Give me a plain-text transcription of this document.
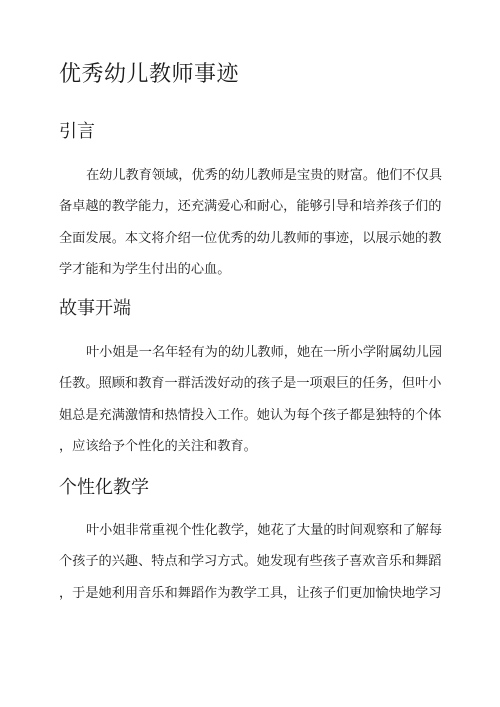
优秀幼儿教师事迹
引言

在幼儿教育领域，优秀的幼儿教师是宝贵的财富。他们不仅具
备卓越的教学能力，还充满爱心和耐心，能够引导和培养孩子们的
全面发展。本文将介绍一位优秀的幼儿教师的事迹，以展示她的教
学才能和为学生付出的心血。

故事开端

叶小姐是一名年轻有为的幼儿教师，她在一所小学附属幼儿园
任教。照顾和教育一群活泼好动的孩子是一项艰巨的任务，但叶小
姐总是充满激情和热情投入工作。她认为每个孩子都是独特的个体
，应该给予个性化的关注和教育。

个性化教学

叶小姐非常重视个性化教学，她花了大量的时间观察和了解每
个孩子的兴趣、特点和学习方式。她发现有些孩子喜欢音乐和舞蹈
，于是她利用音乐和舞蹈作为教学工具，让孩子们更加愉快地学习
